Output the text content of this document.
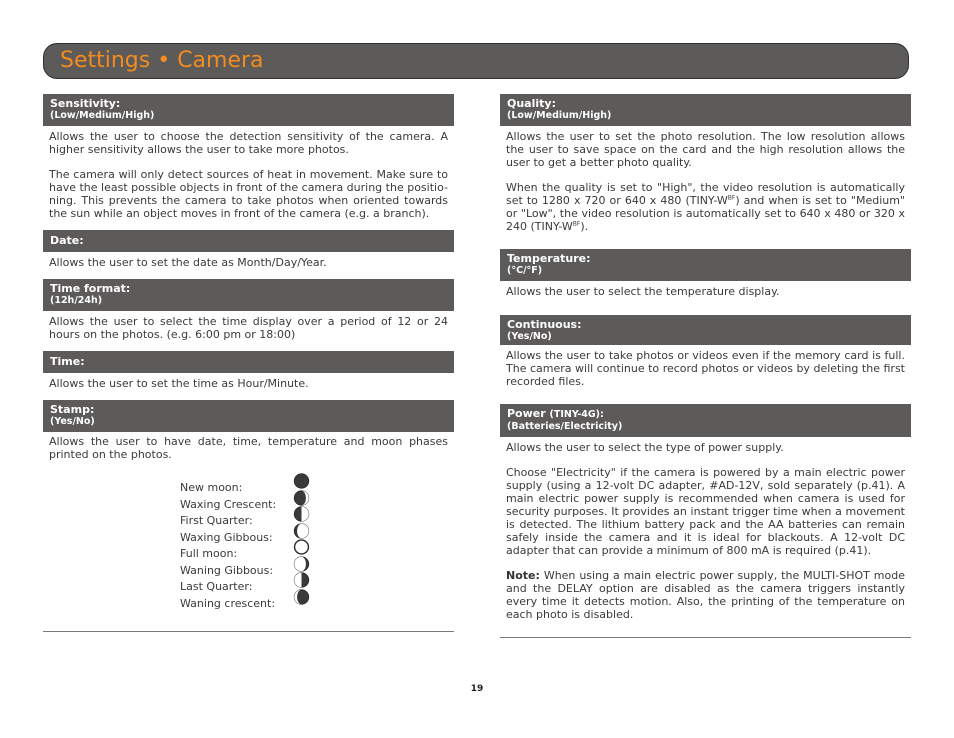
Settings • Camera
Sensitivity:
(Low/Medium/High)

Allows the user to choose the detection sensitivity of the camera. A higher sensitivity allows the user to take more photos.

The camera will only detect sources of heat in movement. Make sure to have the least possible objects in front of the camera during the positio-ning. This prevents the camera to take photos when oriented towards the sun while an object moves in front of the camera (e.g. a branch).

Date:

Allows the user to set the date as Month/Day/Year.

Time format:
(12h/24h)

Allows the user to select the time display over a period of 12 or 24 hours on the photos. (e.g. 6:00 pm or 18:00)

Time:

Allows the user to set the time as Hour/Minute.

Stamp:
(Yes/No)

Allows the user to have date, time, temperature and moon phases printed on the photos.

New moon:
Waxing Crescent:
First Quarter:
Waxing Gibbous:
Full moon:
Waning Gibbous:
Last Quarter:
Waning crescent:
Quality:
(Low/Medium/High)

Allows the user to set the photo resolution. The low resolution allows the user to save space on the card and the high resolution allows the user to get a better photo quality.

When the quality is set to "High", the video resolution is automatically set to 1280 x 720 or 640 x 480 $(TINY-W^{BF})$ and when is set to "Medium" or "Low", the video resolution is automatically set to 640 x 480 or 320 x 240 $(TINY-W^{BF})$.

Temperature:
(°C/°F)

Allows the user to select the temperature display.

Continuous:
(Yes/No)

Allows the user to take photos or videos even if the memory card is full. The camera will continue to record photos or videos by deleting the first recorded files.

Power (TINY-4G):
(Batteries/Electricity)

Allows the user to select the type of power supply.

Choose "Electricity" if the camera is powered by a main electric power supply (using a 12-volt DC adapter, #AD-12V, sold separately (p.41). A main electric power supply is recommended when camera is used for security purposes. It provides an instant trigger time when a movement is detected. The lithium battery pack and the AA batteries can remain safely inside the camera and it is ideal for blackouts. A 12-volt DC adapter that can provide a minimum of 800 mA is required (p.41).

Note: When using a main electric power supply, the MULTI-SHOT mode and the DELAY option are disabled as the camera triggers instantly every time it detects motion. Also, the printing of the temperature on each photo is disabled.

19
